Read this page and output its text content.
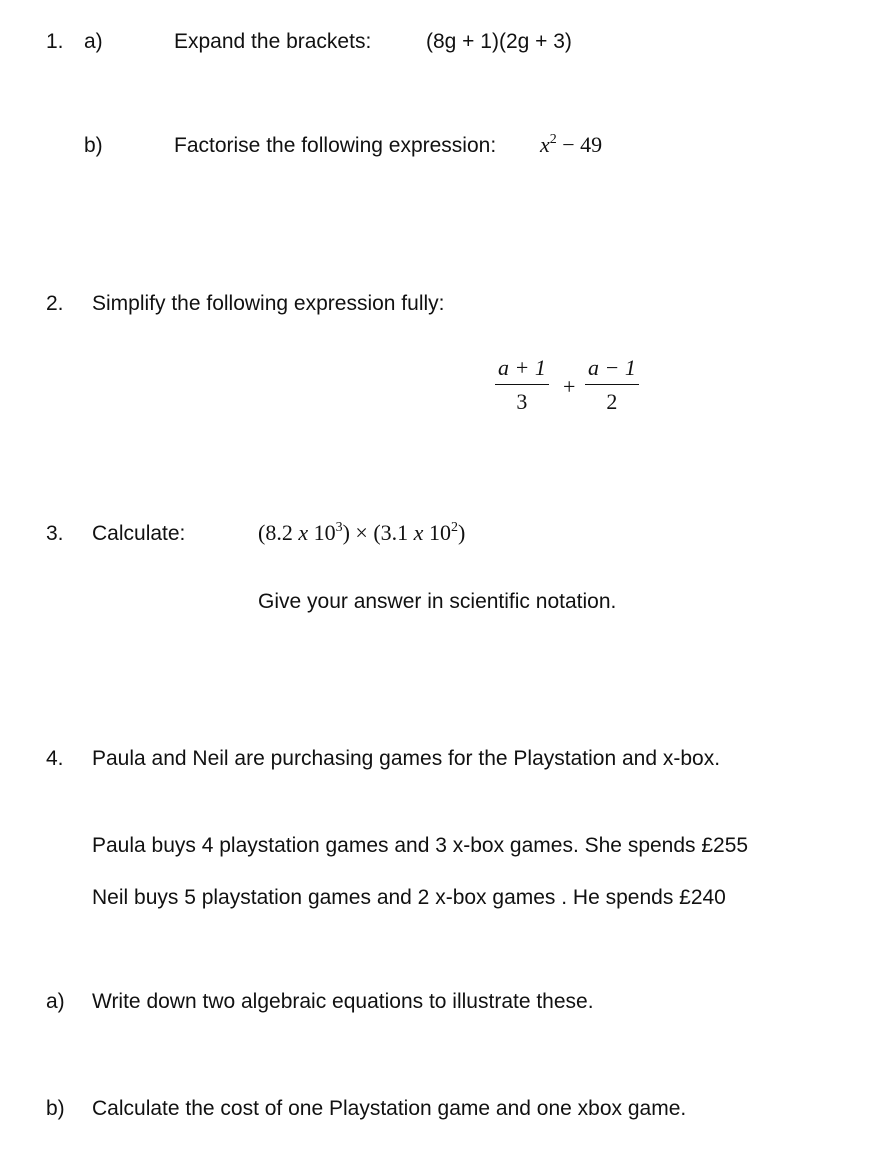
1. a)	Expand the brackets:	(8g + 1)(2g + 3)
b)	Factorise the following expression: $x^2 - 49$
2. Simplify the following expression fully:
a + 1
3
+
a − 1
2
3. Calculate:	(8.2 x $10^3) \times (3.1$ x $10^2$)
Give your answer in scientific notation.
4. Paula and Neil are purchasing games for the Playstation and x-box.
Paula buys 4 playstation games and 3 x-box games. She spends £255
Neil buys 5 playstation games and 2 x-box games . He spends £240
a) Write down two algebraic equations to illustrate these.
b) Calculate the cost of one Playstation game and one xbox game.
